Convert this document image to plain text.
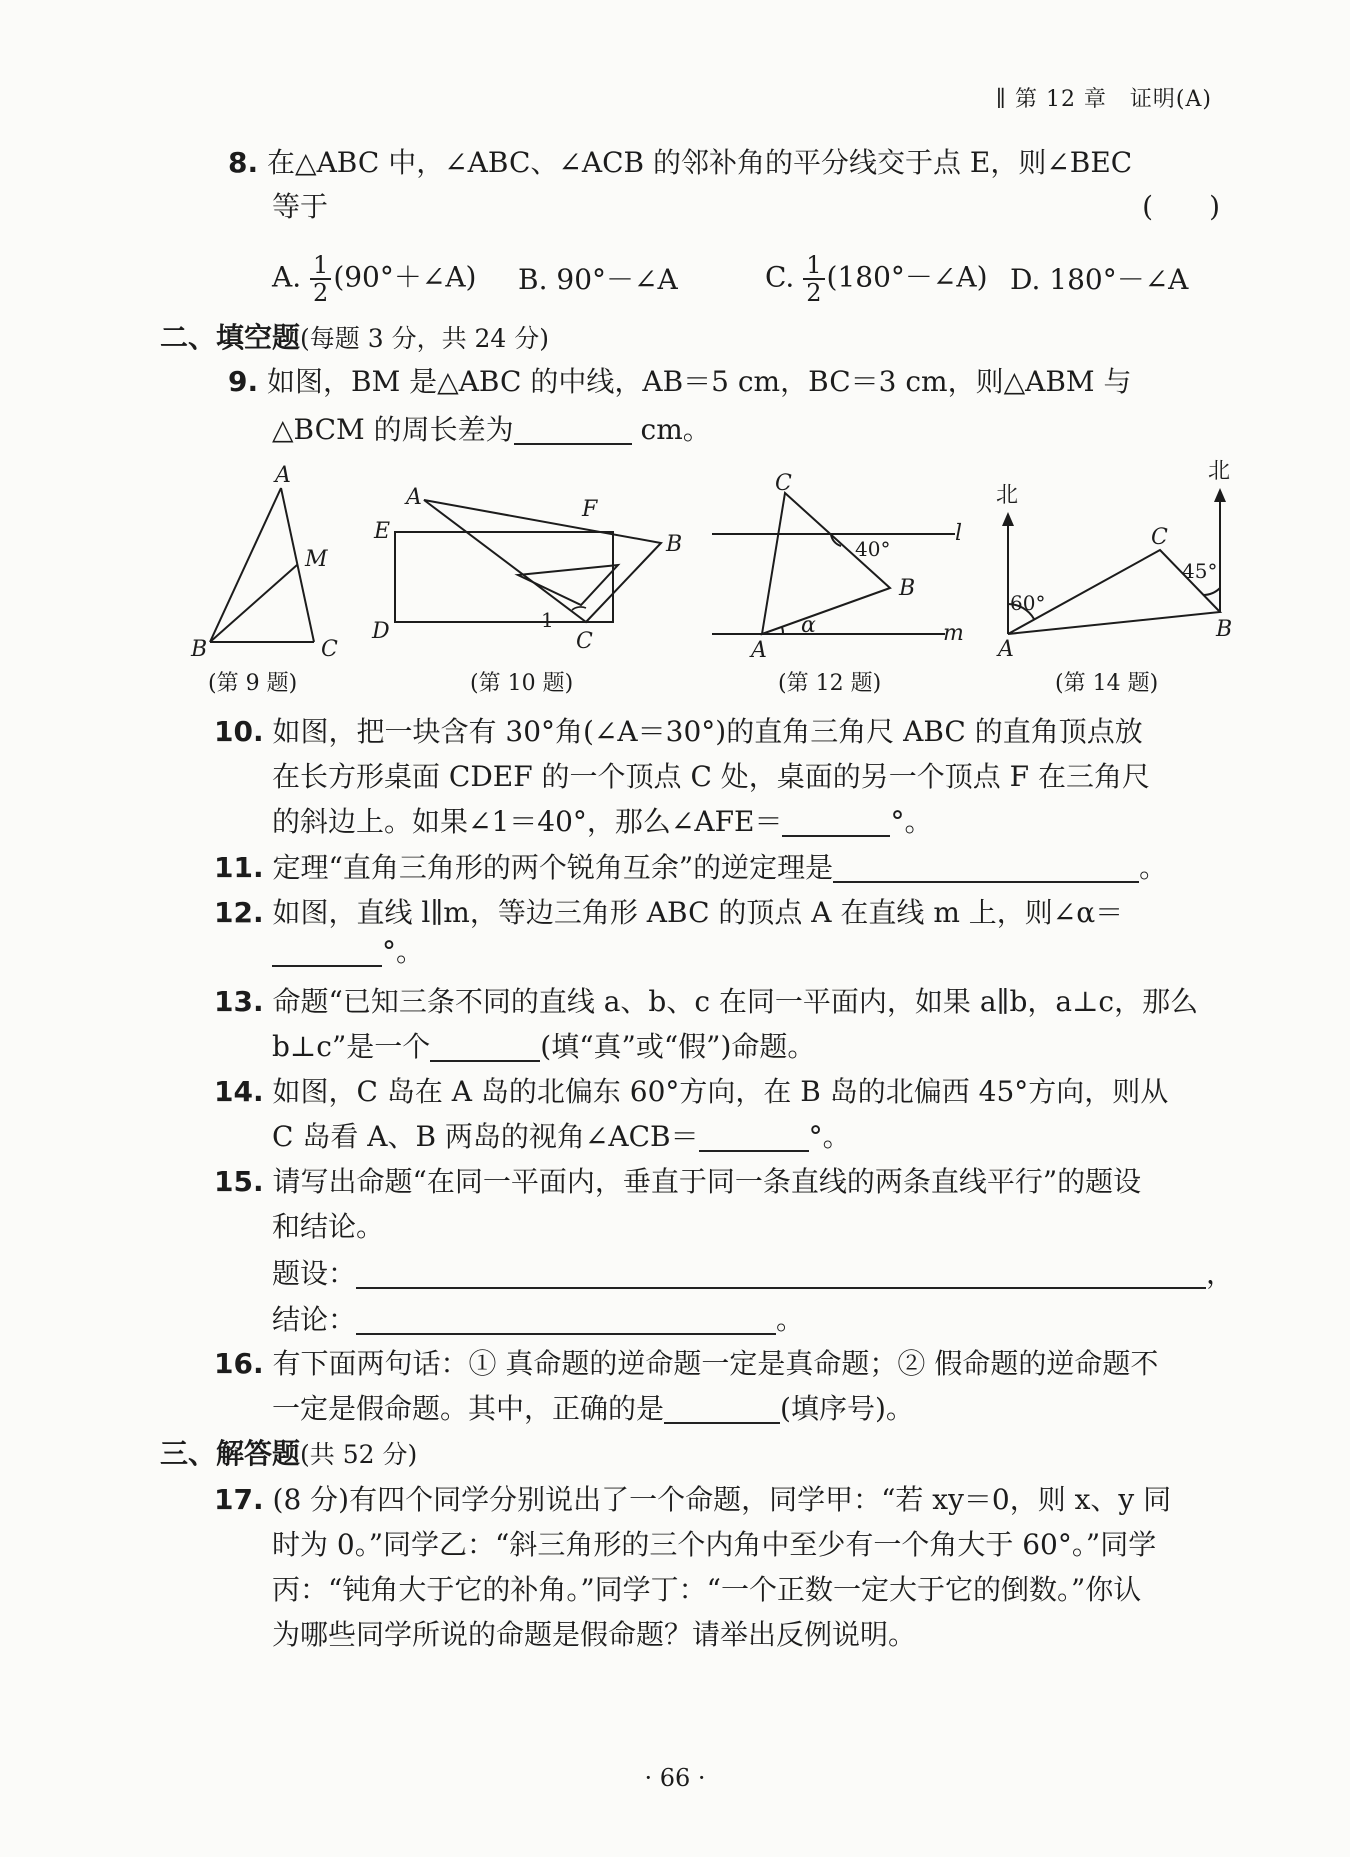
∥ 第 12 章　证明(A)
8. 在△ABC 中，∠ABC、∠ACB 的邻补角的平分线交于点 E，则∠BEC
等于	(　　)
A. $\frac{1}{2}$ (90°＋∠A) B. 90°－∠A	C. $\frac{1}{2}$ (180°－∠A) D. 180°－∠A
二、填空题(每题 3 分，共 24 分)
9. 如图，BM 是△ABC 的中线，AB＝5 cm，BC＝3 cm，则△ABM 与
△BCM 的周长差为	cm。
A
B	C
M
(第 9 题)
A
B
C
D
E
F
1
(第 10 题)
C
B
A
l
m
40°
α
(第 12 题)
北
北
A
B
C
60°
45°
(第 14 题)
10. 如图，把一块含有 30°角(∠A＝30°)的直角三角尺 ABC 的直角顶点放
在长方形桌面 CDEF 的一个顶点 C 处，桌面的另一个顶点 F 在三角尺
的斜边上。如果∠1＝40°，那么∠AFE＝	°。
11. 定理“直角三角形的两个锐角互余”的逆定理是	。
12. 如图，直线 l∥m，等边三角形 ABC 的顶点 A 在直线 m 上，则∠α＝
°。
13. 命题“已知三条不同的直线 a、b、c 在同一平面内，如果 a∥b，a⊥c，那么
b⊥c”是一个	(填“真”或“假”)命题。
14. 如图，C 岛在 A 岛的北偏东 60°方向，在 B 岛的北偏西 45°方向，则从
C 岛看 A、B 两岛的视角∠ACB＝	°。
15. 请写出命题“在同一平面内，垂直于同一条直线的两条直线平行”的题设
和结论。
题设：	，
结论：	。
16. 有下面两句话：① 真命题的逆命题一定是真命题；② 假命题的逆命题不
一定是假命题。其中，正确的是	(填序号)。
三、解答题(共 52 分)
17. (8 分)有四个同学分别说出了一个命题，同学甲：“若 xy＝0，则 x、y 同
时为 0。”同学乙：“斜三角形的三个内角中至少有一个角大于 60°。”同学
丙：“钝角大于它的补角。”同学丁：“一个正数一定大于它的倒数。”你认
为哪些同学所说的命题是假命题？请举出反例说明。
· 66 ·
